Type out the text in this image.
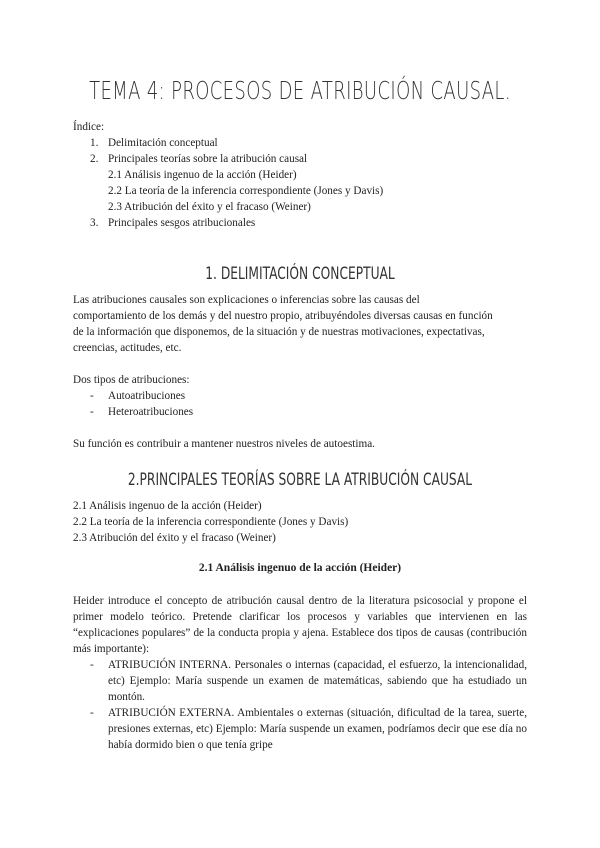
TEMA 4: PROCESOS DE ATRIBUCIÓN CAUSAL.
Índice:
1. Delimitación conceptual
2. Principales teorías sobre la atribución causal
2.1 Análisis ingenuo de la acción (Heider)
2.2 La teoría de la inferencia correspondiente (Jones y Davis)
2.3 Atribución del éxito y el fracaso (Weiner)
3. Principales sesgos atribucionales
1. DELIMITACIÓN CONCEPTUAL
Las atribuciones causales son explicaciones o inferencias sobre las causas del
comportamiento de los demás y del nuestro propio, atribuyéndoles diversas causas en función
de la información que disponemos, de la situación y de nuestras motivaciones, expectativas,
creencias, actitudes, etc.
Dos tipos de atribuciones:
- Autoatribuciones
- Heteroatribuciones
Su función es contribuir a mantener nuestros niveles de autoestima.
2.PRINCIPALES TEORÍAS SOBRE LA ATRIBUCIÓN CAUSAL
2.1 Análisis ingenuo de la acción (Heider)
2.2 La teoría de la inferencia correspondiente (Jones y Davis)
2.3 Atribución del éxito y el fracaso (Weiner)
2.1 Análisis ingenuo de la acción (Heider)
Heider introduce el concepto de atribución causal dentro de la literatura psicosocial y propone el primer modelo teórico. Pretende clarificar los procesos y variables que intervienen en las “explicaciones populares” de la conducta propia y ajena. Establece dos tipos de causas (contribución más importante):
- ATRIBUCIÓN INTERNA. Personales o internas (capacidad, el esfuerzo, la intencionalidad, etc) Ejemplo: María suspende un examen de matemáticas, sabiendo que ha estudiado un montón.
- ATRIBUCIÓN EXTERNA. Ambientales o externas (situación, dificultad de la tarea, suerte, presiones externas, etc) Ejemplo: María suspende un examen, podríamos decir que ese día no había dormido bien o que tenía gripe
